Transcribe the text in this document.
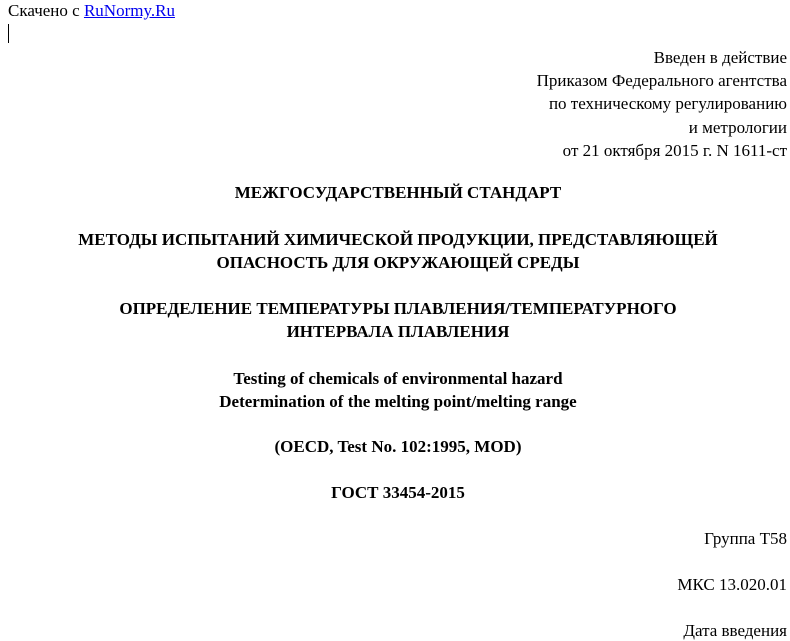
Скачено с RuNormy.Ru
Введен в действие
Приказом Федерального агентства
по техническому регулированию
и метрологии
от 21 октября 2015 г. N 1611-ст
МЕЖГОСУДАРСТВЕННЫЙ СТАНДАРТ
МЕТОДЫ ИСПЫТАНИЙ ХИМИЧЕСКОЙ ПРОДУКЦИИ, ПРЕДСТАВЛЯЮЩЕЙ
ОПАСНОСТЬ ДЛЯ ОКРУЖАЮЩЕЙ СРЕДЫ
ОПРЕДЕЛЕНИЕ ТЕМПЕРАТУРЫ ПЛАВЛЕНИЯ/ТЕМПЕРАТУРНОГО
ИНТЕРВАЛА ПЛАВЛЕНИЯ
Testing of chemicals of environmental hazard
Determination of the melting point/melting range
(OECD, Test No. 102:1995, MOD)
ГОСТ 33454-2015
Группа Т58
МКС 13.020.01
Дата введения
